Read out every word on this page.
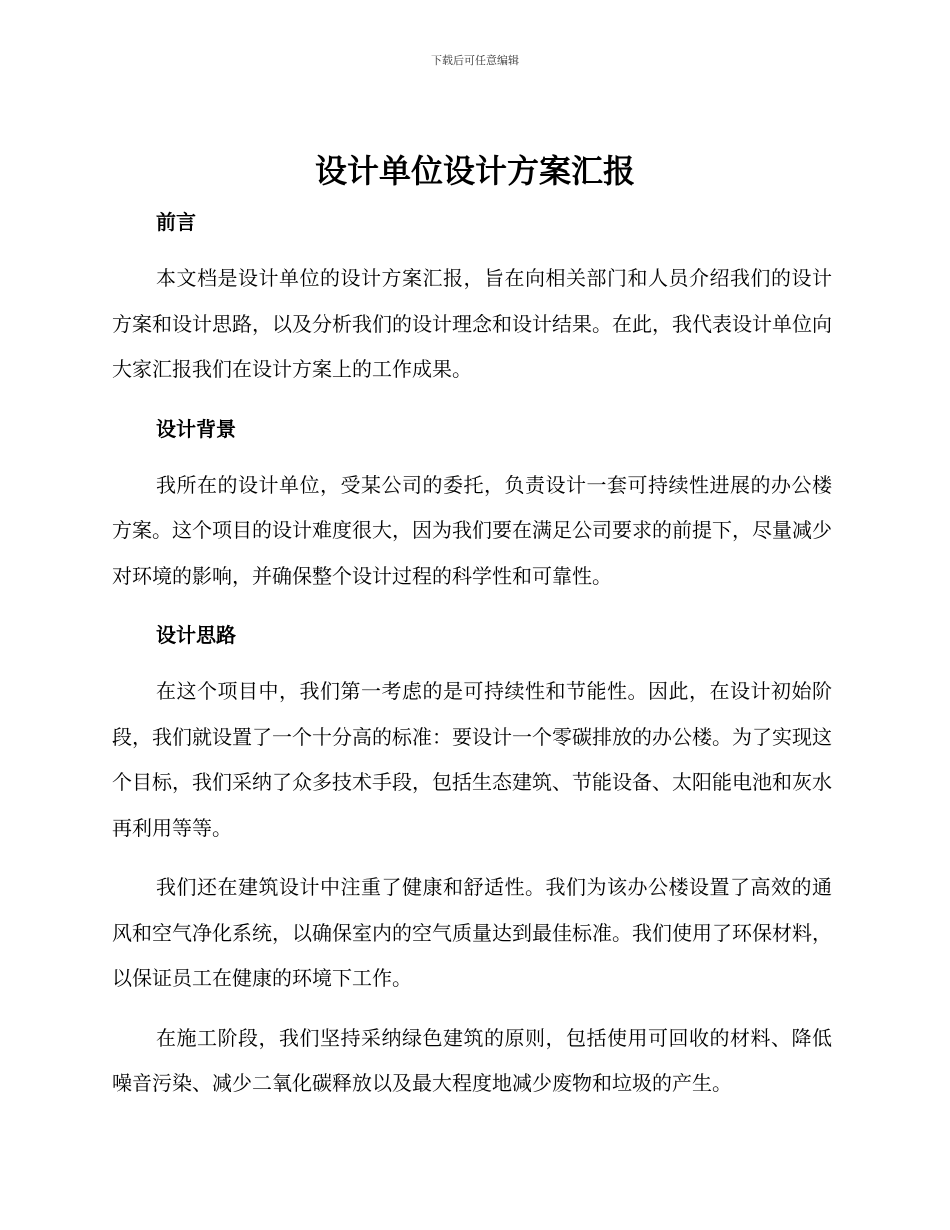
下载后可任意编辑
设计单位设计方案汇报
前言

本文档是设计单位的设计方案汇报，旨在向相关部门和人员介绍我们的设计方案和设计思路，以及分析我们的设计理念和设计结果。在此，我代表设计单位向大家汇报我们在设计方案上的工作成果。

设计背景

我所在的设计单位，受某公司的委托，负责设计一套可持续性进展的办公楼方案。这个项目的设计难度很大，因为我们要在满足公司要求的前提下，尽量减少对环境的影响，并确保整个设计过程的科学性和可靠性。

设计思路

在这个项目中，我们第一考虑的是可持续性和节能性。因此，在设计初始阶段，我们就设置了一个十分高的标准：要设计一个零碳排放的办公楼。为了实现这个目标，我们采纳了众多技术手段，包括生态建筑、节能设备、太阳能电池和灰水再利用等等。

我们还在建筑设计中注重了健康和舒适性。我们为该办公楼设置了高效的通风和空气净化系统，以确保室内的空气质量达到最佳标准。我们使用了环保材料，以保证员工在健康的环境下工作。

在施工阶段，我们坚持采纳绿色建筑的原则，包括使用可回收的材料、降低噪音污染、减少二氧化碳释放以及最大程度地减少废物和垃圾的产生。
